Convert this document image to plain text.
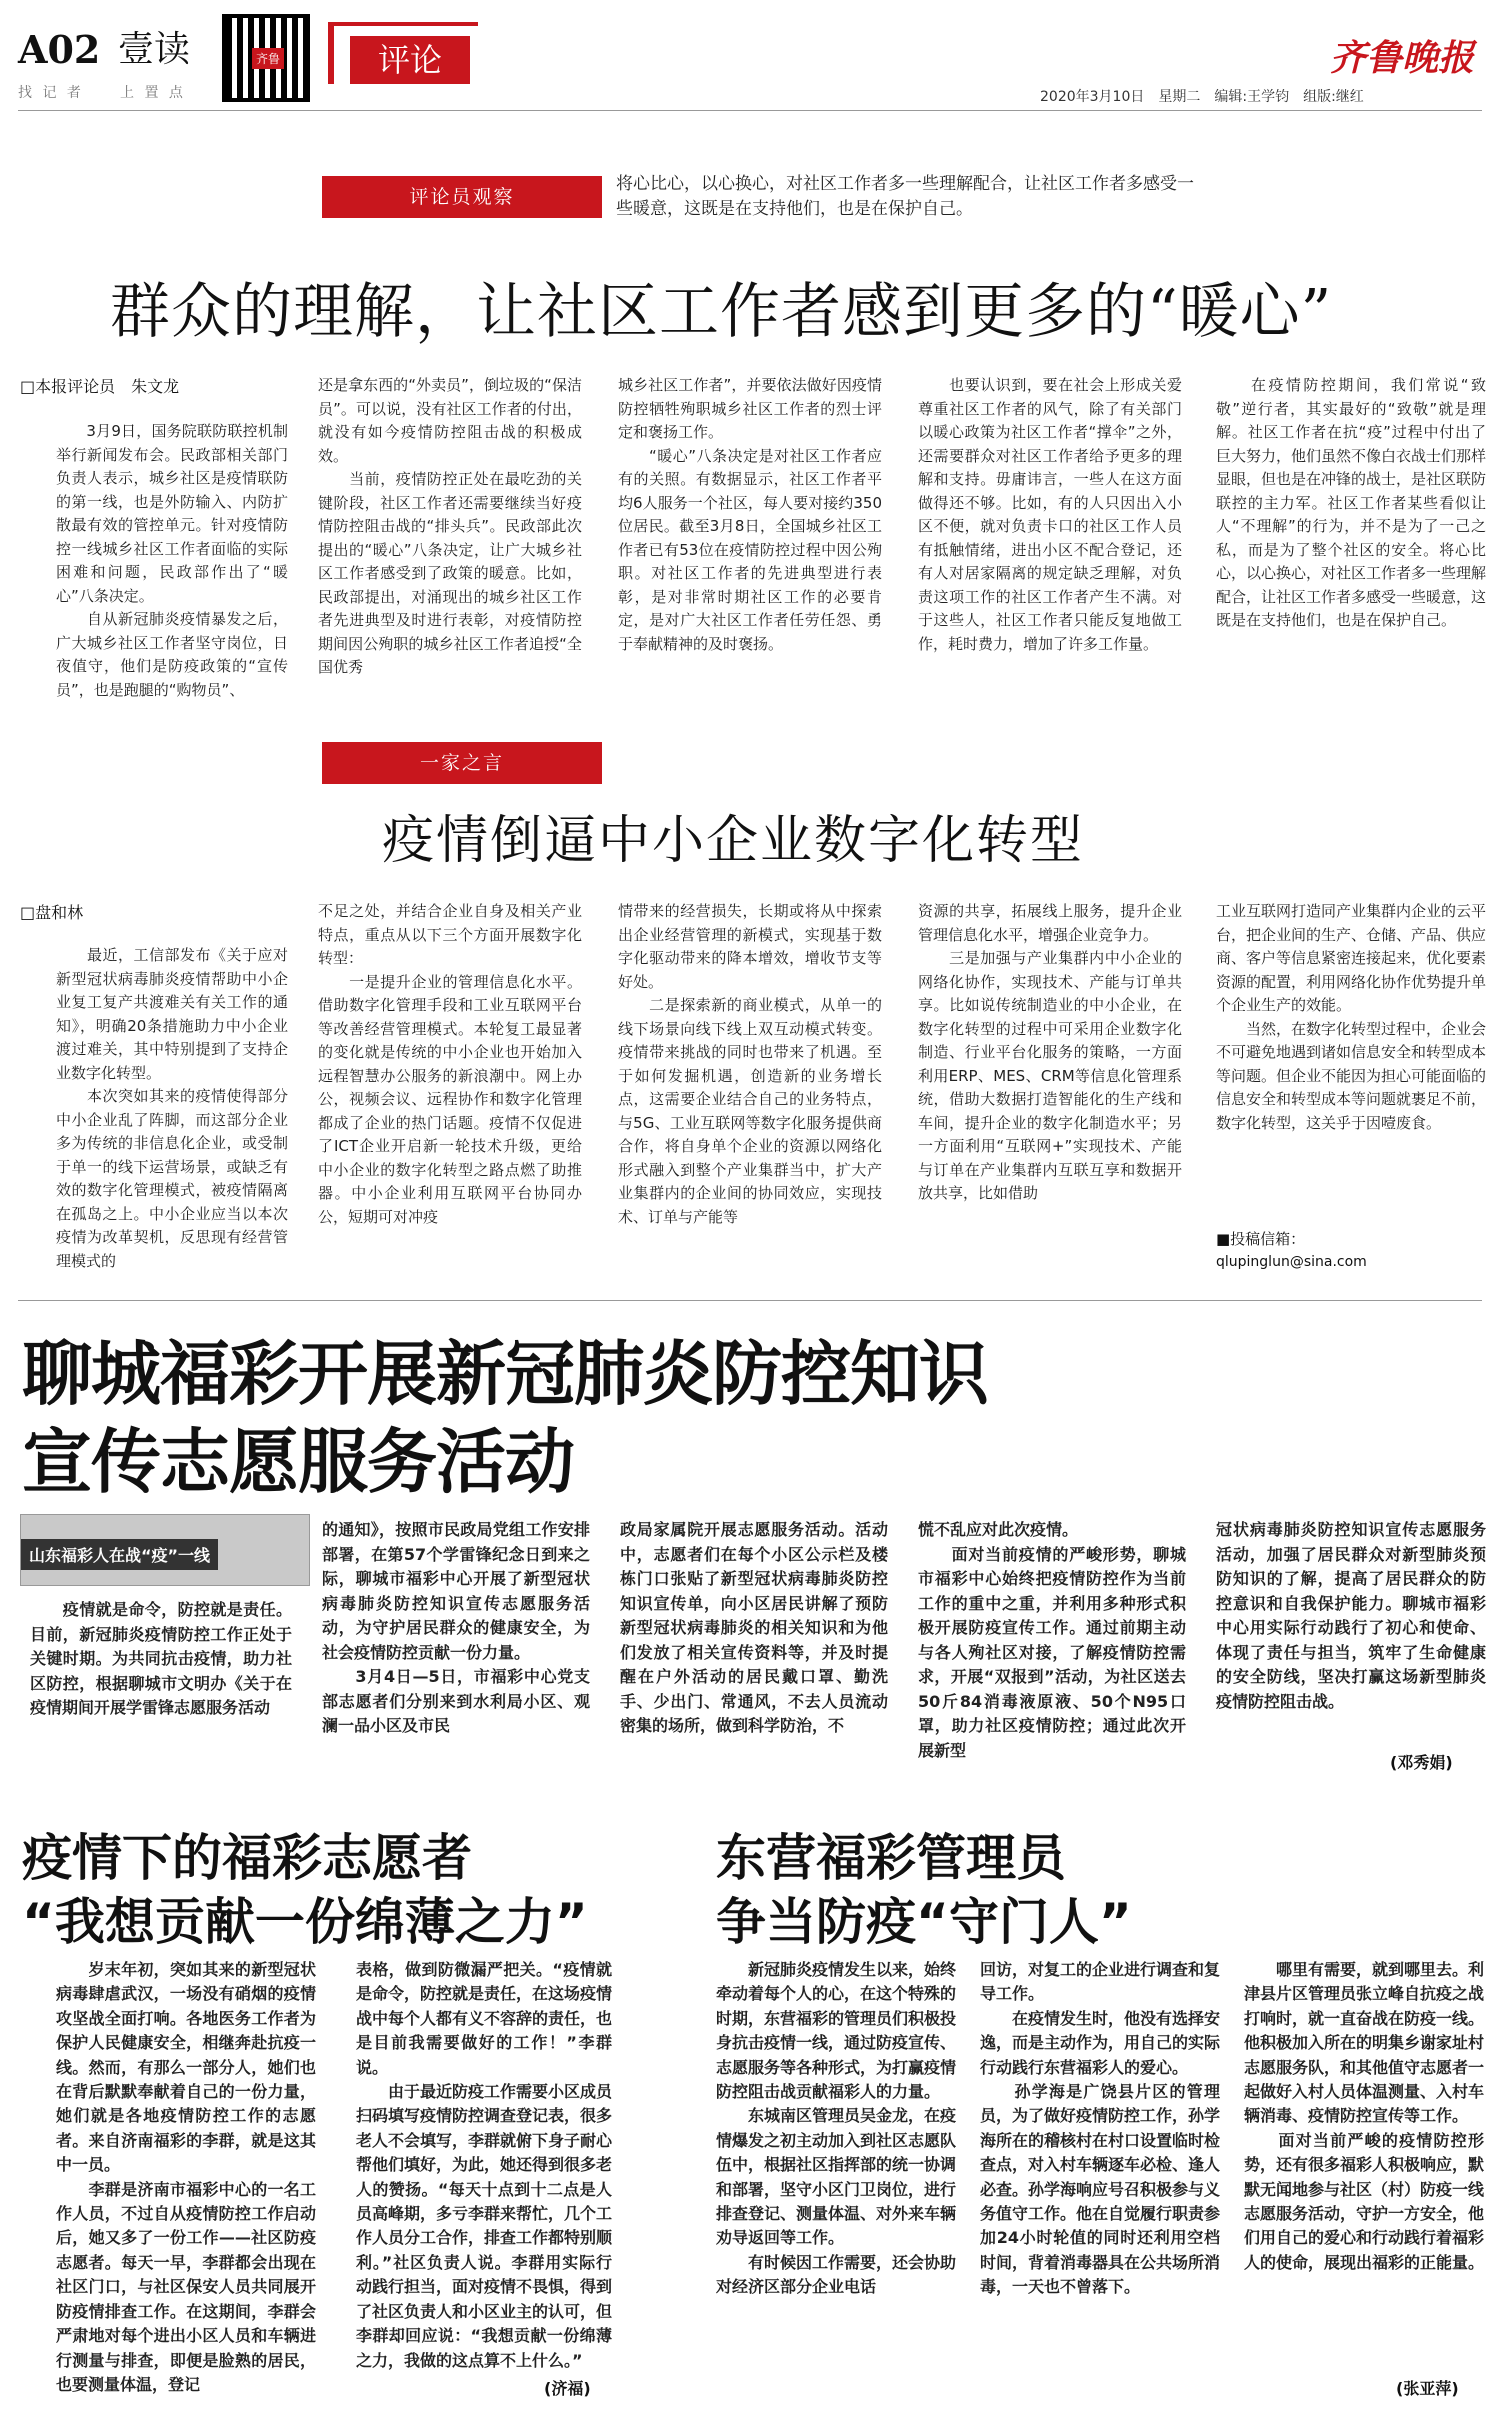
A02 壹读
找 记 者	上 置 点
齐鲁	评论	齐鲁晚报
2020年3月10日　星期二　编辑:王学钧　组版:继红
评论员观察
将心比心，以心换心，对社区工作者多一些理解配合，让社区工作者多感受一些暖意，这既是在支持他们，也是在保护自己。
群众的理解，让社区工作者感到更多的“暖心”
□本报评论员　朱文龙
　　3月9日，国务院联防联控机制举行新闻发布会。民政部相关部门负责人表示，城乡社区是疫情联防的第一线，也是外防输入、内防扩散最有效的管控单元。针对疫情防控一线城乡社区工作者面临的实际困难和问题，民政部作出了“暖心”八条决定。
　　自从新冠肺炎疫情暴发之后，广大城乡社区工作者坚守岗位，日夜值守，他们是防疫政策的“宣传员”，也是跑腿的“购物员”、
还是拿东西的“外卖员”，倒垃圾的“保洁员”。可以说，没有社区工作者的付出，就没有如今疫情防控阻击战的积极成效。
　　当前，疫情防控正处在最吃劲的关键阶段，社区工作者还需要继续当好疫情防控阻击战的“排头兵”。民政部此次提出的“暖心”八条决定，让广大城乡社区工作者感受到了政策的暖意。比如，民政部提出，对涌现出的城乡社区工作者先进典型及时进行表彰，对疫情防控期间因公殉职的城乡社区工作者追授“全国优秀
城乡社区工作者”，并要依法做好因疫情防控牺牲殉职城乡社区工作者的烈士评定和褒扬工作。
　　“暖心”八条决定是对社区工作者应有的关照。有数据显示，社区工作者平均6人服务一个社区，每人要对接约350位居民。截至3月8日，全国城乡社区工作者已有53位在疫情防控过程中因公殉职。对社区工作者的先进典型进行表彰，是对非常时期社区工作的必要肯定，是对广大社区工作者任劳任怨、勇于奉献精神的及时褒扬。
　　也要认识到，要在社会上形成关爱尊重社区工作者的风气，除了有关部门以暖心政策为社区工作者“撑伞”之外，还需要群众对社区工作者给予更多的理解和支持。毋庸讳言，一些人在这方面做得还不够。比如，有的人只因出入小区不便，就对负责卡口的社区工作人员有抵触情绪，进出小区不配合登记，还有人对居家隔离的规定缺乏理解，对负责这项工作的社区工作者产生不满。对于这些人，社区工作者只能反复地做工作，耗时费力，增加了许多工作量。
　　在疫情防控期间，我们常说“致敬”逆行者，其实最好的“致敬”就是理解。社区工作者在抗“疫”过程中付出了巨大努力，他们虽然不像白衣战士们那样显眼，但也是在冲锋的战士，是社区联防联控的主力军。社区工作者某些看似让人“不理解”的行为，并不是为了一己之私，而是为了整个社区的安全。将心比心，以心换心，对社区工作者多一些理解配合，让社区工作者多感受一些暖意，这既是在支持他们，也是在保护自己。
一家之言
疫情倒逼中小企业数字化转型
□盘和林
　　最近，工信部发布《关于应对新型冠状病毒肺炎疫情帮助中小企业复工复产共渡难关有关工作的通知》，明确20条措施助力中小企业渡过难关，其中特别提到了支持企业数字化转型。
　　本次突如其来的疫情使得部分中小企业乱了阵脚，而这部分企业多为传统的非信息化企业，或受制于单一的线下运营场景，或缺乏有效的数字化管理模式，被疫情隔离在孤岛之上。中小企业应当以本次疫情为改革契机，反思现有经营管理模式的
不足之处，并结合企业自身及相关产业特点，重点从以下三个方面开展数字化转型：
　　一是提升企业的管理信息化水平。借助数字化管理手段和工业互联网平台等改善经营管理模式。本轮复工最显著的变化就是传统的中小企业也开始加入远程智慧办公服务的新浪潮中。网上办公，视频会议、远程协作和数字化管理都成了企业的热门话题。疫情不仅促进了ICT企业开启新一轮技术升级，更给中小企业的数字化转型之路点燃了助推器。中小企业利用互联网平台协同办公，短期可对冲疫
情带来的经营损失，长期或将从中探索出企业经营管理的新模式，实现基于数字化驱动带来的降本增效，增收节支等好处。
　　二是探索新的商业模式，从单一的线下场景向线下线上双互动模式转变。疫情带来挑战的同时也带来了机遇。至于如何发掘机遇，创造新的业务增长点，这需要企业结合自己的业务特点，与5G、工业互联网等数字化服务提供商合作，将自身单个企业的资源以网络化形式融入到整个产业集群当中，扩大产业集群内的企业间的协同效应，实现技术、订单与产能等
资源的共享，拓展线上服务，提升企业管理信息化水平，增强企业竞争力。
　　三是加强与产业集群内中小企业的网络化协作，实现技术、产能与订单共享。比如说传统制造业的中小企业，在数字化转型的过程中可采用企业数字化制造、行业平台化服务的策略，一方面利用ERP、MES、CRM等信息化管理系统，借助大数据打造智能化的生产线和车间，提升企业的数字化制造水平；另一方面利用“互联网+”实现技术、产能与订单在产业集群内互联互享和数据开放共享，比如借助
工业互联网打造同产业集群内企业的云平台，把企业间的生产、仓储、产品、供应商、客户等信息紧密连接起来，优化要素资源的配置，利用网络化协作优势提升单个企业生产的效能。
　　当然，在数字化转型过程中，企业会不可避免地遇到诸如信息安全和转型成本等问题。但企业不能因为担心可能面临的信息安全和转型成本等问题就裹足不前，数字化转型，这关乎于因噎废食。
■投稿信箱：
qlupinglun@sina.com
聊城福彩开展新冠肺炎防控知识
宣传志愿服务活动
山东福彩人在战“疫”一线
　　疫情就是命令，防控就是责任。目前，新冠肺炎疫情防控工作正处于关键时期。为共同抗击疫情，助力社区防控，根据聊城市文明办《关于在疫情期间开展学雷锋志愿服务活动
的通知》，按照市民政局党组工作安排部署，在第57个学雷锋纪念日到来之际，聊城市福彩中心开展了新型冠状病毒肺炎防控知识宣传志愿服务活动，为守护居民群众的健康安全，为社会疫情防控贡献一份力量。
　　3月4日—5日，市福彩中心党支部志愿者们分别来到水利局小区、观澜一品小区及市民
政局家属院开展志愿服务活动。活动中，志愿者们在每个小区公示栏及楼栋门口张贴了新型冠状病毒肺炎防控知识宣传单，向小区居民讲解了预防新型冠状病毒肺炎的相关知识和为他们发放了相关宣传资料等，并及时提醒在户外活动的居民戴口罩、勤洗手、少出门、常通风，不去人员流动密集的场所，做到科学防治，不
慌不乱应对此次疫情。
　　面对当前疫情的严峻形势，聊城市福彩中心始终把疫情防控作为当前工作的重中之重，并利用多种形式积极开展防疫宣传工作。通过前期主动与各人殉社区对接，了解疫情防控需求，开展“双报到”活动，为社区送去50斤84消毒液原液、50个N95口罩，助力社区疫情防控；通过此次开展新型
冠状病毒肺炎防控知识宣传志愿服务活动，加强了居民群众对新型肺炎预防知识的了解，提高了居民群众的防控意识和自我保护能力。聊城市福彩中心用实际行动践行了初心和使命、体现了责任与担当，筑牢了生命健康的安全防线，坚决打赢这场新型肺炎疫情防控阻击战。
(邓秀娟)
疫情下的福彩志愿者
“我想贡献一份绵薄之力”
　　岁末年初，突如其来的新型冠状病毒肆虐武汉，一场没有硝烟的疫情攻坚战全面打响。各地医务工作者为保护人民健康安全，相继奔赴抗疫一线。然而，有那么一部分人，她们也在背后默默奉献着自己的一份力量，她们就是各地疫情防控工作的志愿者。来自济南福彩的李群，就是这其中一员。
　　李群是济南市福彩中心的一名工作人员，不过自从疫情防控工作启动后，她又多了一份工作——社区防疫志愿者。每天一早，李群都会出现在社区门口，与社区保安人员共同展开防疫情排查工作。在这期间，李群会严肃地对每个进出小区人员和车辆进行测量与排查，即便是脸熟的居民，也要测量体温，登记
表格，做到防微漏严把关。“疫情就是命令，防控就是责任，在这场疫情战中每个人都有义不容辞的责任，也是目前我需要做好的工作！”李群说。
　　由于最近防疫工作需要小区成员扫码填写疫情防控调查登记表，很多老人不会填写，李群就俯下身子耐心帮他们填好，为此，她还得到很多老人的赞扬。“每天十点到十二点是人员高峰期，多亏李群来帮忙，几个工作人员分工合作，排查工作都特别顺利。”社区负责人说。李群用实际行动践行担当，面对疫情不畏惧，得到了社区负责人和小区业主的认可，但李群却回应说：“我想贡献一份绵薄之力，我做的这点算不上什么。”
(济福)
东营福彩管理员
争当防疫“守门人”
　　新冠肺炎疫情发生以来，始终牵动着每个人的心，在这个特殊的时期，东营福彩的管理员们积极投身抗击疫情一线，通过防疫宣传、志愿服务等各种形式，为打赢疫情防控阻击战贡献福彩人的力量。
　　东城南区管理员吴金龙，在疫情爆发之初主动加入到社区志愿队伍中，根据社区指挥部的统一协调和部署，坚守小区门卫岗位，进行排查登记、测量体温、对外来车辆劝导返回等工作。
　　有时候因工作需要，还会协助对经济区部分企业电话
回访，对复工的企业进行调查和复导工作。
　　在疫情发生时，他没有选择安逸，而是主动作为，用自己的实际行动践行东营福彩人的爱心。
　　孙学海是广饶县片区的管理员，为了做好疫情防控工作，孙学海所在的稽核村在村口设置临时检查点，对入村车辆逐车必检、逢人必查。孙学海响应号召积极参与义务值守工作。他在自觉履行职责参加24小时轮值的同时还利用空档时间，背着消毒器具在公共场所消毒，一天也不曾落下。
　　哪里有需要，就到哪里去。利津县片区管理员张立峰自抗疫之战打响时，就一直奋战在防疫一线。他积极加入所在的明集乡谢家址村志愿服务队，和其他值守志愿者一起做好入村人员体温测量、入村车辆消毒、疫情防控宣传等工作。
　　面对当前严峻的疫情防控形势，还有很多福彩人积极响应，默默无闻地参与社区（村）防疫一线志愿服务活动，守护一方安全，他们用自己的爱心和行动践行着福彩人的使命，展现出福彩的正能量。
(张亚萍)
